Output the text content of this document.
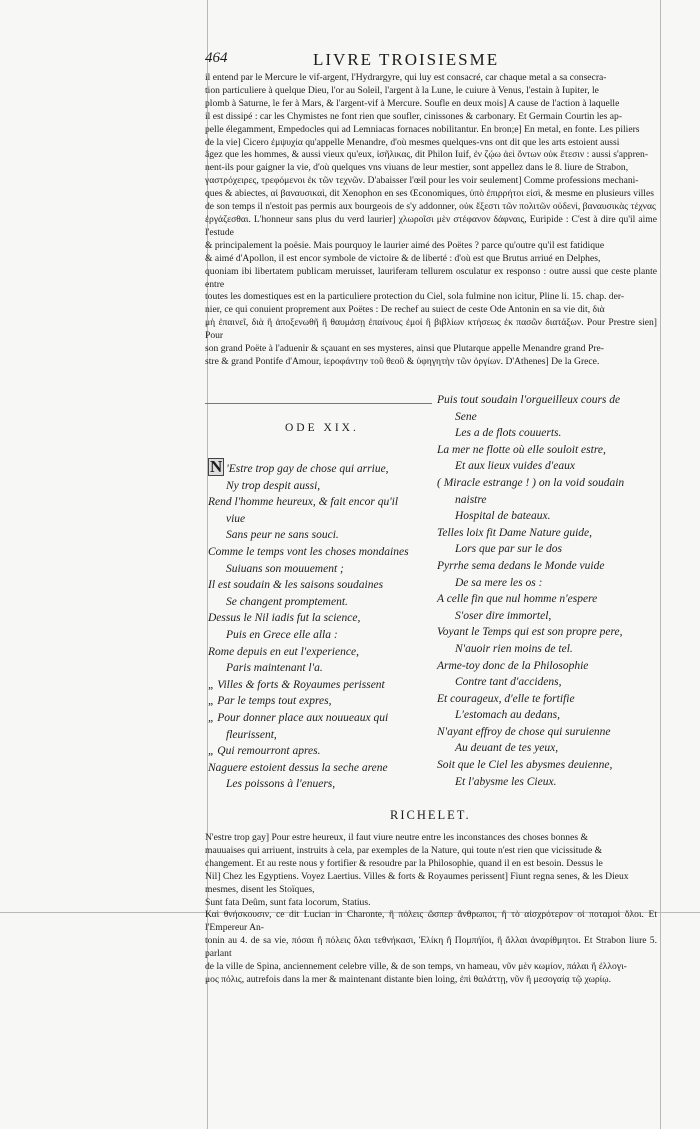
464	LIVRE TROISIESME

il entend par le Mercure le vif-argent, l'Hydrargyre, qui luy est consacré, car chaque metal a sa consecra-

tion particuliere à quelque Dieu, l'or au Soleil, l'argent à la Lune, le cuiure à Venus, l'estain à Iupiter, le

plomb à Saturne, le fer à Mars, & l'argent-vif à Mercure. Soufle en deux mois] A cause de l'action à laquelle

il est dissipé : car les Chymistes ne font rien que soufler, cinissones & carbonary. Et Germain Courtin les ap-

pelle élegamment, Empedocles qui ad Lemniacas fornaces nobilitantur. En bron;e] En metal, en fonte. Les piliers

de la vie] Cicero ἐμψυχία qu'appelle Menandre, d'où mesmes quelques-vns ont dit que les arts estoient aussi

âgez que les hommes, & aussi vieux qu'eux, ἰσῆλικας, dit Philon Iuif, ἐν ζῴω ἀεὶ ὄντων οὐκ ἔτεσιν : aussi s'appren-

nent-ils pour gaigner la vie, d'où quelques vns viuans de leur mestier, sont appellez dans le 8. liure de Strabon,

γαστρόχειρες, τρεφόμενοι ἐκ τῶν τεχνῶν. D'abaisser l'œil pour les voir seulement] Comme professions mechani-

ques & abiectes, αἱ βαναυσικαὶ, dit Xenophon en ses Œconomiques, ὑπὸ ἐπιρρήτοι εἰσὶ, & mesme en plusieurs villes

de son temps il n'estoit pas permis aux bourgeois de s'y addonner, οὐκ ἔξεστι τῶν πολιτῶν οὐδενὶ, βαναυσικὰς τέχνας

ἐργάζεσθαι. L'honneur sans plus du verd laurier] χλωροῖσι μὲν στέφανον δάφναις, Euripide : C'est à dire qu'il aime l'estude

& principalement la poësie. Mais pourquoy le laurier aimé des Poëtes ? parce qu'outre qu'il est fatidique

& aimé d'Apollon, il est encor symbole de victoire & de liberté : d'où est que Brutus arriué en Delphes,

quoniam ibi libertatem publicam meruisset, lauriferam tellurem osculatur ex responso : outre aussi que ceste plante entre

toutes les domestiques est en la particuliere protection du Ciel, sola fulmine non icitur, Pline li. 15. chap. der-

nier, ce qui conuient proprement aux Poëtes : De rechef au suiect de ceste Ode Antonin en sa vie dit, διὰ

μὴ ἐπαινεῖ, διὰ ἢ ἀποξενωθῆ ἢ θαυμάσῃ ἐπαίνους ἐμοί ἢ βιβλίων κτήσεως ἐκ πασῶν διατάξων. Pour Prestre sien] Pour

son grand Poëte à l'aduenir & sçauant en ses mysteres, ainsi que Plutarque appelle Menandre grand Pre-

stre & grand Pontife d'Amour, ἱεροφάντην τοῦ θεοῦ & ὑφηγητὴν τῶν ὀργίων. D'Athenes] De la Grece.

ODE XIX.
N 'Estre trop gay de chose qui arriue,
Ny trop despit aussi,
Rend l'homme heureux, & fait encor qu'il
viue
Sans peur ne sans souci.
Comme le temps vont les choses mondaines
Suiuans son mouuement ;
Il est soudain & les saisons soudaines
Se changent promptement.
Dessus le Nil iadis fut la science,
Puis en Grece elle alla :
Rome depuis en eut l'experience,
Paris maintenant l'a.
„ Villes & forts & Royaumes perissent
„ Par le temps tout expres,
„ Pour donner place aux nouueaux qui
fleurissent,
„ Qui remourront apres.
Naguere estoient dessus la seche arene
Les poissons à l'enuers,
Puis tout soudain l'orgueilleux cours de
Sene
Les a de flots couuerts.
La mer ne flotte où elle souloit estre,
Et aux lieux vuides d'eaux
( Miracle estrange ! ) on la void soudain
naistre
Hospital de bateaux.
Telles loix fit Dame Nature guide,
Lors que par sur le dos
Pyrrhe sema dedans le Monde vuide
De sa mere les os :
A celle fin que nul homme n'espere
S'oser dire immortel,
Voyant le Temps qui est son propre pere,
N'auoir rien moins de tel.
Arme-toy donc de la Philosophie
Contre tant d'accidens,
Et courageux, d'elle te fortifie
L'estomach au dedans,
N'ayant effroy de chose qui suruienne
Au deuant de tes yeux,
Soit que le Ciel les abysmes deuienne,
Et l'abysme les Cieux.
RICHELET.

N'estre trop gay] Pour estre heureux, il faut viure neutre entre les inconstances des choses bonnes &

mauuaises qui arriuent, instruits à cela, par exemples de la Nature, qui toute n'est rien que vicissitude &

changement. Et au reste nous y fortifier & resoudre par la Philosophie, quand il en est besoin. Dessus le

Nil] Chez les Egyptiens. Voyez Laertius. Villes & forts & Royaumes perissent] Fiunt regna senes, & les Dieux

mesmes, disent les Stoïques,

Sunt fata Deûm, sunt fata locorum, Statius.

Καὶ θνήσκουσιν, ce dit Lucian in Charonte, ἢ πόλεις ὥσπερ ἄνθρωποι, ἢ τὸ αἰσχρότερον οἱ ποταμοὶ ὅλοι. Et l'Empereur An-

tonin au 4. de sa vie, πόσαι ἢ πόλεις ὅλαι τεθνήκασι, Ἑλίκη ἢ Πομπήϊοι, ἢ ἄλλαι ἀναρίθμητοι. Et Strabon liure 5. parlant

de la ville de Spina, anciennement celebre ville, & de son temps, vn hameau, νῦν μὲν κωμίον, πάλαι ἢ ἐλλογι-

μος πόλις, autrefois dans la mer & maintenant distante bien loing, ἐπὶ θαλάττῃ, νῦν ἢ μεσογαίᾳ τῷ χωρίῳ.
